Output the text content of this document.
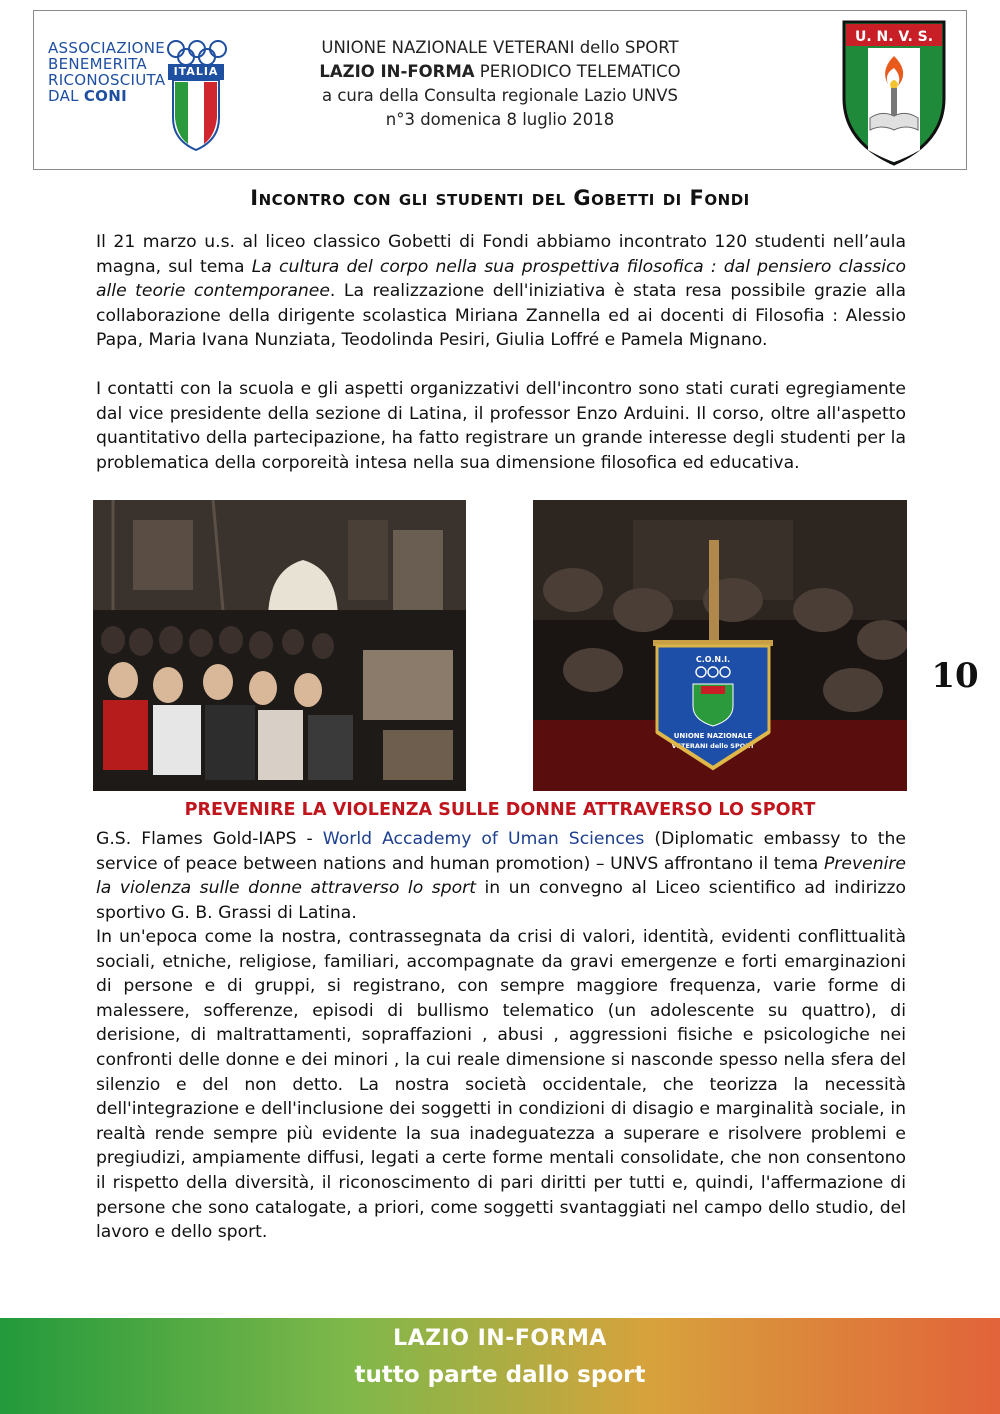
ASSOCIAZIONE
BENEMERITA
RICONOSCIUTA
DAL CONI
ITALIA
UNIONE NAZIONALE VETERANI dello SPORT
LAZIO IN-FORMA PERIODICO TELEMATICO
a cura della Consulta regionale Lazio UNVS
n°3 domenica 8 luglio 2018
U. N. V. S.
Incontro con gli studenti del Gobetti di Fondi

Il 21 marzo u.s. al liceo classico Gobetti di Fondi abbiamo incontrato 120 studenti nell’aula magna, sul tema La cultura del corpo nella sua prospettiva filosofica : dal pensiero classico alle teorie contemporanee. La realizzazione dell'iniziativa è stata resa possibile grazie alla collaborazione della dirigente scolastica Miriana Zannella ed ai docenti di Filosofia : Alessio Papa, Maria Ivana Nunziata, Teodolinda Pesiri, Giulia Loffré e Pamela Mignano.

I contatti con la scuola e gli aspetti organizzativi dell'incontro sono stati curati egregiamente dal vice presidente della sezione di Latina, il professor Enzo Arduini. Il corso, oltre all'aspetto quantitativo della partecipazione, ha fatto registrare un grande interesse degli studenti per la problematica della corporeità intesa nella sua dimensione filosofica ed educativa.

C.O.N.I.
UNIONE NAZIONALE
VETERANI dello SPORT
10
PREVENIRE LA VIOLENZA SULLE DONNE ATTRAVERSO LO SPORT

G.S. Flames Gold-IAPS - World Accademy of Uman Sciences (Diplomatic embassy to the service of peace between nations and human promotion) – UNVS affrontano il tema Prevenire la violenza sulle donne attraverso lo sport in un convegno al Liceo scientifico ad indirizzo sportivo G. B. Grassi di Latina.

In un'epoca come la nostra, contrassegnata da crisi di valori, identità, evidenti conflittualità sociali, etniche, religiose, familiari, accompagnate da gravi emergenze e forti emarginazioni di persone e di gruppi, si registrano, con sempre maggiore frequenza, varie forme di malessere, sofferenze, episodi di bullismo telematico (un adolescente su quattro), di derisione, di maltrattamenti, sopraffazioni , abusi , aggressioni fisiche e psicologiche nei confronti delle donne e dei minori , la cui reale dimensione si nasconde spesso nella sfera del silenzio e del non detto. La nostra società occidentale, che teorizza la necessità dell'integrazione e dell'inclusione dei soggetti in condizioni di disagio e marginalità sociale, in realtà rende sempre più evidente la sua inadeguatezza a superare e risolvere problemi e pregiudizi, ampiamente diffusi, legati a certe forme mentali consolidate, che non consentono il rispetto della diversità, il riconoscimento di pari diritti per tutti e, quindi, l'affermazione di persone che sono catalogate, a priori, come soggetti svantaggiati nel campo dello studio, del lavoro e dello sport.

LAZIO IN-FORMA
tutto parte dallo sport
